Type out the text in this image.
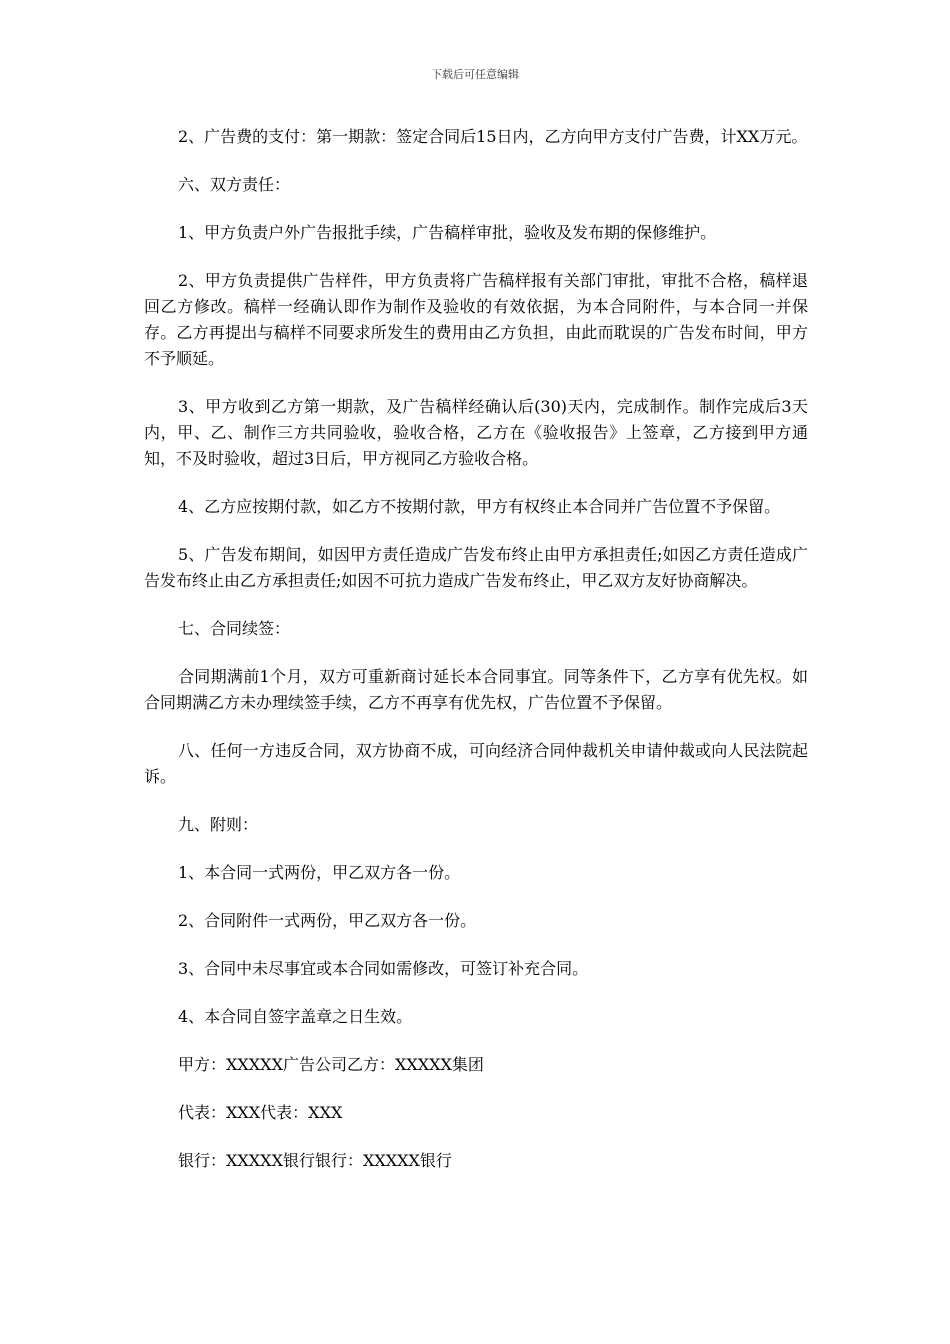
下载后可任意编辑

2、广告费的支付：第一期款：签定合同后15日内，乙方向甲方支付广告费，计XX万元。

六、双方责任：

1、甲方负责户外广告报批手续，广告稿样审批，验收及发布期的保修维护。

2、甲方负责提供广告样件，甲方负责将广告稿样报有关部门审批，审批不合格，稿样退回乙方修改。稿样一经确认即作为制作及验收的有效依据，为本合同附件，与本合同一并保存。乙方再提出与稿样不同要求所发生的费用由乙方负担，由此而耽误的广告发布时间，甲方不予顺延。

3、甲方收到乙方第一期款，及广告稿样经确认后(30)天内，完成制作。制作完成后3天内，甲、乙、制作三方共同验收，验收合格，乙方在《验收报告》上签章，乙方接到甲方通知，不及时验收，超过3日后，甲方视同乙方验收合格。

4、乙方应按期付款，如乙方不按期付款，甲方有权终止本合同并广告位置不予保留。

5、广告发布期间，如因甲方责任造成广告发布终止由甲方承担责任;如因乙方责任造成广告发布终止由乙方承担责任;如因不可抗力造成广告发布终止，甲乙双方友好协商解决。

七、合同续签：

合同期满前1个月，双方可重新商讨延长本合同事宜。同等条件下，乙方享有优先权。如合同期满乙方未办理续签手续，乙方不再享有优先权，广告位置不予保留。

八、任何一方违反合同，双方协商不成，可向经济合同仲裁机关申请仲裁或向人民法院起诉。

九、附则：

1、本合同一式两份，甲乙双方各一份。

2、合同附件一式两份，甲乙双方各一份。

3、合同中未尽事宜或本合同如需修改，可签订补充合同。

4、本合同自签字盖章之日生效。

甲方：XXXXX广告公司乙方：XXXXX集团

代表：XXX代表：XXX

银行：XXXXX银行银行：XXXXX银行
